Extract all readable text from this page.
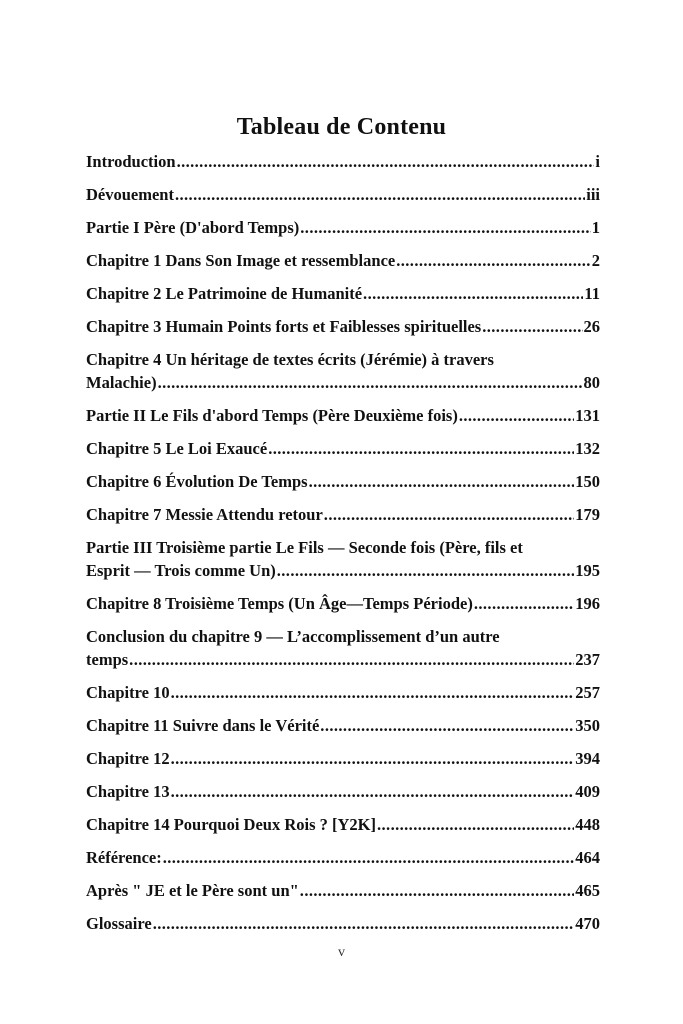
Tableau de Contenu
Introduction .....	i
Dévouement .....	iii
Partie I Père (D'abord Temps) .....	1
Chapitre 1 Dans Son Image et ressemblance .....	2
Chapitre 2 Le Patrimoine de Humanité .....	11
Chapitre 3 Humain Points forts et Faiblesses spirituelles .....	26
Chapitre 4 Un héritage de textes écrits (Jérémie) à travers
Malachie) .....	80
Partie II Le Fils d'abord Temps (Père Deuxième fois) .....	131
Chapitre 5 Le Loi Exaucé .....	132
Chapitre 6 Évolution De Temps .....	150
Chapitre 7 Messie Attendu retour .....	179
Partie III Troisième partie Le Fils — Seconde fois (Père, fils et
Esprit — Trois comme Un) .....	195
Chapitre 8 Troisième Temps (Un Âge—Temps Période) .....	196
Conclusion du chapitre 9 — L’accomplissement d’un autre
temps .....	237
Chapitre 10 .....	257
Chapitre 11 Suivre dans le Vérité .....	350
Chapitre 12 .....	394
Chapitre 13 .....	409
Chapitre 14 Pourquoi Deux Rois ? [Y2K] .....	448
Référence: .....	464
Après " JE et le Père sont un" .....	465
Glossaire .....	470
v
